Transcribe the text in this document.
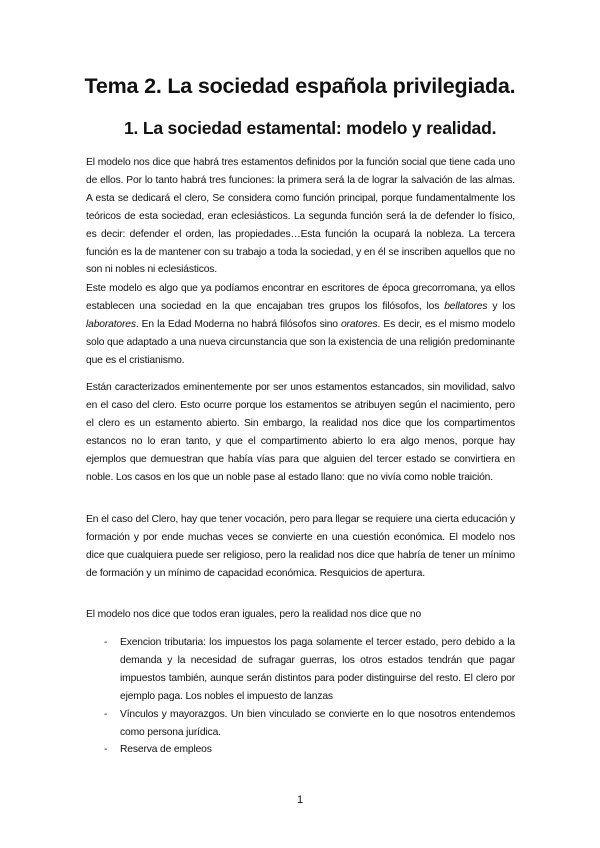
Tema 2. La sociedad española privilegiada.
1. La sociedad estamental: modelo y realidad.

El modelo nos dice que habrá tres estamentos definidos por la función social que tiene cada uno de ellos. Por lo tanto habrá tres funciones: la primera será la de lograr la salvación de las almas. A esta se dedicará el clero, Se considera como función principal, porque fundamentalmente los teóricos de esta sociedad, eran eclesiásticos. La segunda función será la de defender lo físico, es decir: defender el orden, las propiedades…Esta función la ocupará la nobleza. La tercera función es la de mantener con su trabajo a toda la sociedad, y en él se inscriben aquellos que no son ni nobles ni eclesiásticos.

Este modelo es algo que ya podíamos encontrar en escritores de época grecorromana, ya ellos establecen una sociedad en la que encajaban tres grupos los filósofos, los bellatores y los laboratores. En la Edad Moderna no habrá filósofos sino oratores. Es decir, es el mismo modelo solo que adaptado a una nueva circunstancia que son la existencia de una religión predominante que es el cristianismo.

Están caracterizados eminentemente por ser unos estamentos estancados, sin movilidad, salvo en el caso del clero. Esto ocurre porque los estamentos se atribuyen según el nacimiento, pero el clero es un estamento abierto. Sin embargo, la realidad nos dice que los compartimentos estancos no lo eran tanto, y que el compartimento abierto lo era algo menos, porque hay ejemplos que demuestran que había vías para que alguien del tercer estado se convirtiera en noble. Los casos en los que un noble pase al estado llano: que no vivía como noble traición.

En el caso del Clero, hay que tener vocación, pero para llegar se requiere una cierta educación y formación y por ende muchas veces se convierte en una cuestión económica. El modelo nos dice que cualquiera puede ser religioso, pero la realidad nos dice que habría de tener un mínimo de formación y un mínimo de capacidad económica. Resquicios de apertura.

El modelo nos dice que todos eran iguales, pero la realidad nos dice que no

- Exencion tributaria: los impuestos los paga solamente el tercer estado, pero debido a la demanda y la necesidad de sufragar guerras, los otros estados tendrán que pagar impuestos también, aunque serán distintos para poder distinguirse del resto. El clero por ejemplo paga. Los nobles el impuesto de lanzas
- Vínculos y mayorazgos. Un bien vinculado se convierte en lo que nosotros entendemos como persona jurídica.
- Reserva de empleos
1
